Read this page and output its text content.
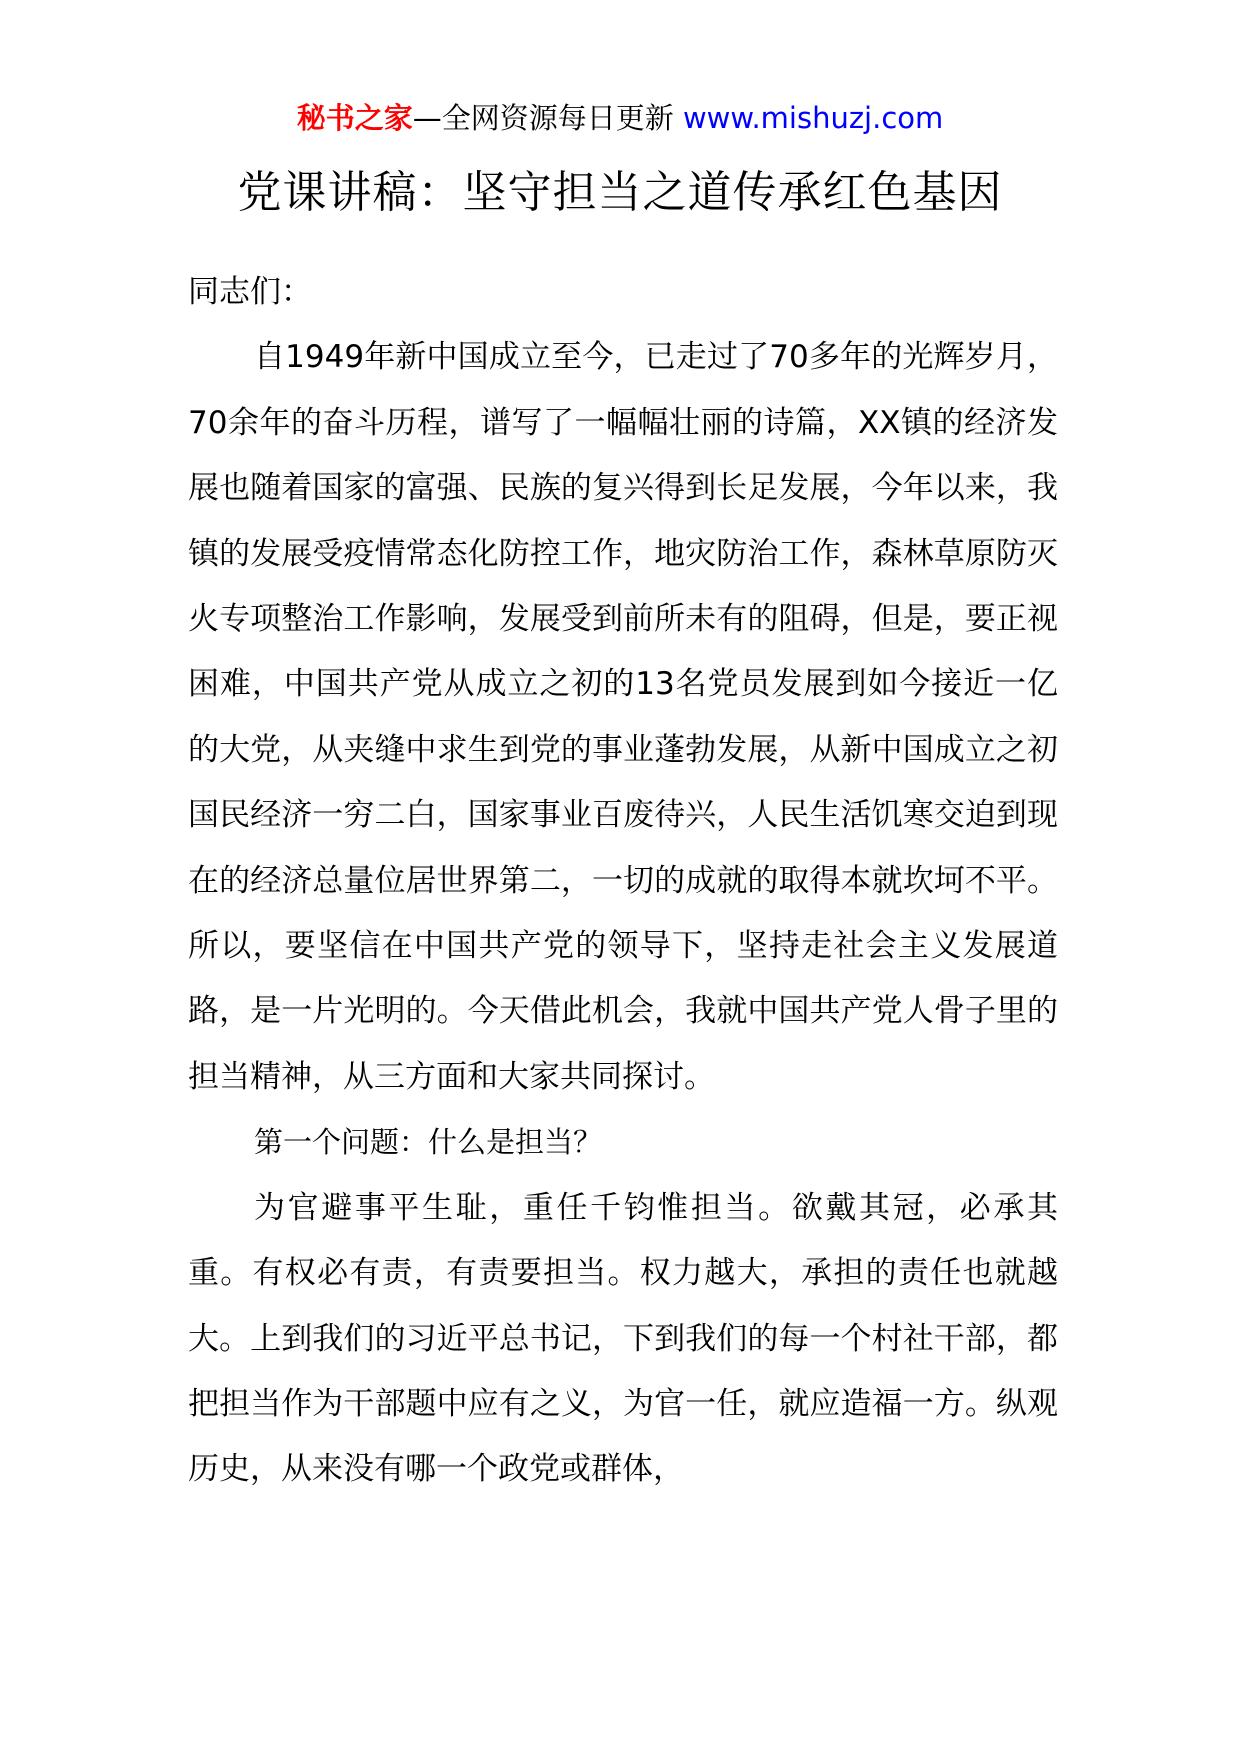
秘书之家—全网资源每日更新 www.mishuzj.com
党课讲稿：坚守担当之道传承红色基因

同志们：

自1949年新中国成立至今，已走过了70多年的光辉岁月，70余年的奋斗历程，谱写了一幅幅壮丽的诗篇，XX镇的经济发展也随着国家的富强、民族的复兴得到长足发展，今年以来，我镇的发展受疫情常态化防控工作，地灾防治工作，森林草原防灭火专项整治工作影响，发展受到前所未有的阻碍，但是，要正视困难，中国共产党从成立之初的13名党员发展到如今接近一亿的大党，从夹缝中求生到党的事业蓬勃发展，从新中国成立之初国民经济一穷二白，国家事业百废待兴，人民生活饥寒交迫到现在的经济总量位居世界第二，一切的成就的取得本就坎坷不平。所以，要坚信在中国共产党的领导下，坚持走社会主义发展道路，是一片光明的。今天借此机会，我就中国共产党人骨子里的担当精神，从三方面和大家共同探讨。

第一个问题：什么是担当？

为官避事平生耻，重任千钧惟担当。欲戴其冠，必承其重。有权必有责，有责要担当。权力越大，承担的责任也就越大。上到我们的习近平总书记，下到我们的每一个村社干部，都把担当作为干部题中应有之义，为官一任，就应造福一方。纵观历史，从来没有哪一个政党或群体，
